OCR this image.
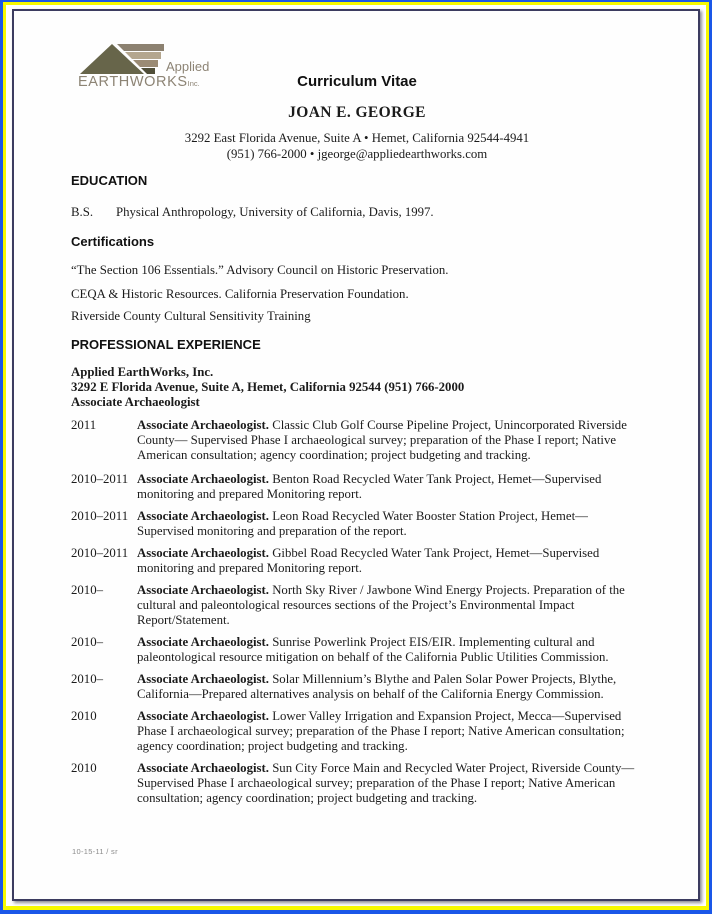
Applied
EARTHWORKSInc.	Curriculum Vitae
JOAN E. GEORGE
3292 East Florida Avenue, Suite A • Hemet, California 92544-4941
(951) 766-2000 • jgeorge@appliedearthworks.com
EDUCATION
B.S.	Physical Anthropology, University of California, Davis, 1997.
Certifications
“The Section 106 Essentials.” Advisory Council on Historic Preservation.
CEQA & Historic Resources. California Preservation Foundation.
Riverside County Cultural Sensitivity Training
PROFESSIONAL EXPERIENCE
Applied EarthWorks, Inc.
3292 E Florida Avenue, Suite A, Hemet, California 92544 (951) 766-2000
Associate Archaeologist
2011	Associate Archaeologist. Classic Club Golf Course Pipeline Project, Unincorporated Riverside County— Supervised Phase I archaeological survey; preparation of the Phase I report; Native American consultation; agency coordination; project budgeting and tracking.
2010–2011 Associate Archaeologist. Benton Road Recycled Water Tank Project, Hemet—Supervised monitoring and prepared Monitoring report.
2010–2011 Associate Archaeologist. Leon Road Recycled Water Booster Station Project, Hemet—Supervised monitoring and preparation of the report.
2010–2011 Associate Archaeologist. Gibbel Road Recycled Water Tank Project, Hemet—Supervised monitoring and prepared Monitoring report.
2010–	Associate Archaeologist. North Sky River / Jawbone Wind Energy Projects. Preparation of the cultural and paleontological resources sections of the Project’s Environmental Impact Report/Statement.
2010–	Associate Archaeologist. Sunrise Powerlink Project EIS/EIR. Implementing cultural and paleontological resource mitigation on behalf of the California Public Utilities Commission.
2010–	Associate Archaeologist. Solar Millennium’s Blythe and Palen Solar Power Projects, Blythe, California—Prepared alternatives analysis on behalf of the California Energy Commission.
2010	Associate Archaeologist. Lower Valley Irrigation and Expansion Project, Mecca—Supervised Phase I archaeological survey; preparation of the Phase I report; Native American consultation; agency coordination; project budgeting and tracking.
2010	Associate Archaeologist. Sun City Force Main and Recycled Water Project, Riverside County— Supervised Phase I archaeological survey; preparation of the Phase I report; Native American consultation; agency coordination; project budgeting and tracking.
10-15-11 / sr
